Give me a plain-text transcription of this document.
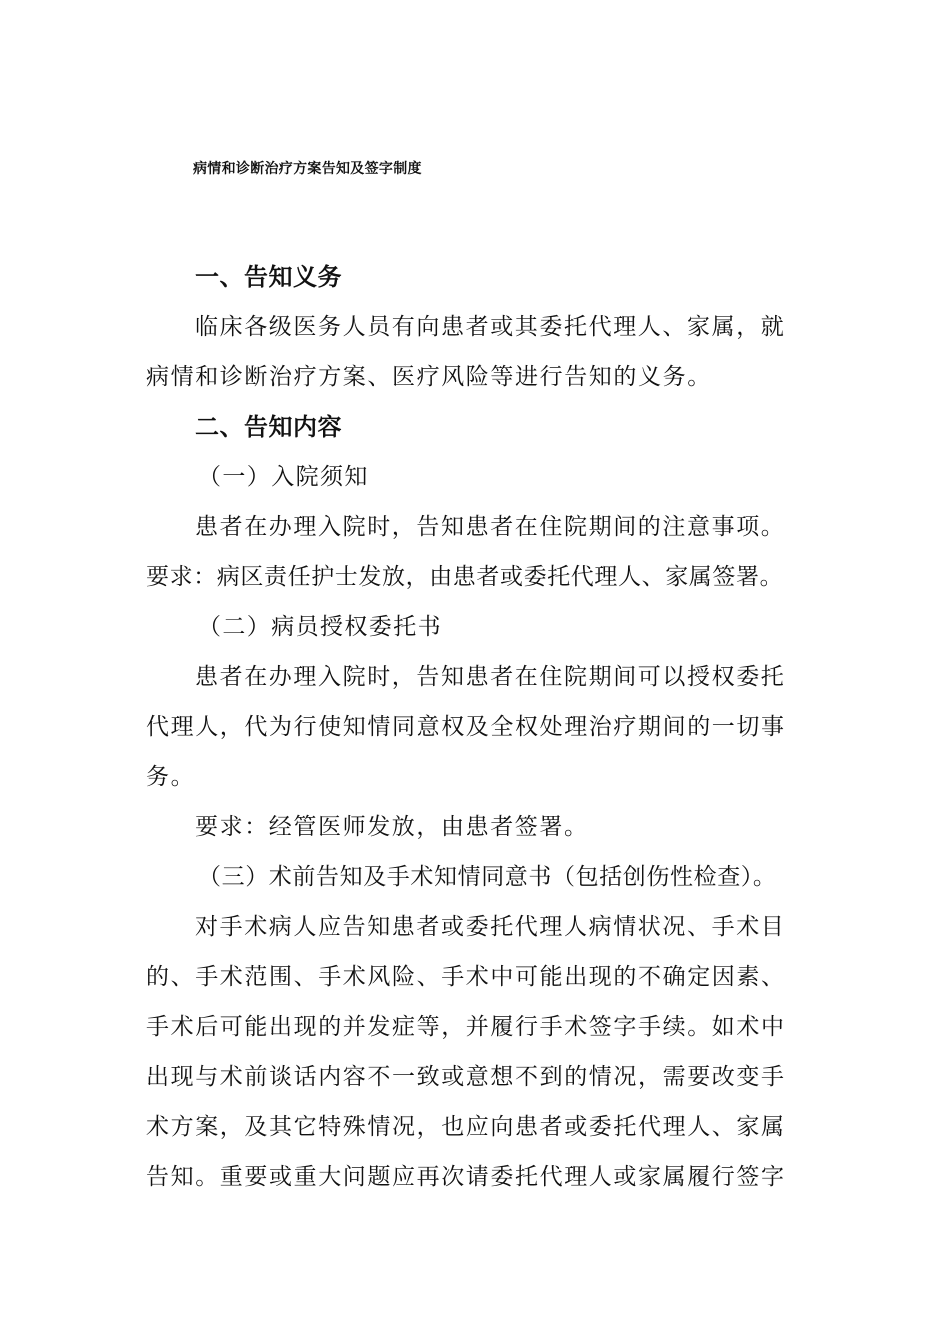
病情和诊断治疗方案告知及签字制度
一、告知义务
临床各级医务人员有向患者或其委托代理人、家属，就
病情和诊断治疗方案、医疗风险等进行告知的义务。
二、告知内容
（一）入院须知
患者在办理入院时，告知患者在住院期间的注意事项。
要求：病区责任护士发放，由患者或委托代理人、家属签署。
（二）病员授权委托书
患者在办理入院时，告知患者在住院期间可以授权委托
代理人，代为行使知情同意权及全权处理治疗期间的一切事
务。
要求：经管医师发放，由患者签署。
（三）术前告知及手术知情同意书（包括创伤性检查）。
对手术病人应告知患者或委托代理人病情状况、手术目
的、手术范围、手术风险、手术中可能出现的不确定因素、
手术后可能出现的并发症等，并履行手术签字手续。如术中
出现与术前谈话内容不一致或意想不到的情况，需要改变手
术方案，及其它特殊情况，也应向患者或委托代理人、家属
告知。重要或重大问题应再次请委托代理人或家属履行签字
